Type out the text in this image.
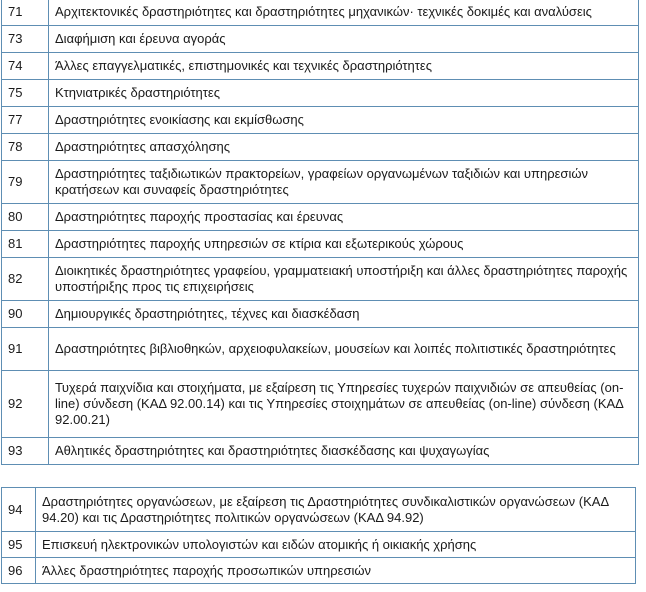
71	Αρχιτεκτονικές δραστηριότητες και δραστηριότητες μηχανικών· τεχνικές δοκιμές και αναλύσεις
73	Διαφήμιση και έρευνα αγοράς
74	Άλλες επαγγελματικές, επιστημονικές και τεχνικές δραστηριότητες
75	Κτηνιατρικές δραστηριότητες
77	Δραστηριότητες ενοικίασης και εκμίσθωσης
78	Δραστηριότητες απασχόλησης
79	Δραστηριότητες ταξιδιωτικών πρακτορείων, γραφείων οργανωμένων ταξιδιών και υπηρεσιών κρατήσεων και συναφείς δραστηριότητες
80	Δραστηριότητες παροχής προστασίας και έρευνας
81	Δραστηριότητες παροχής υπηρεσιών σε κτίρια και εξωτερικούς χώρους
82	Διοικητικές δραστηριότητες γραφείου, γραμματειακή υποστήριξη και άλλες δραστηριότητες παροχής υποστήριξης προς τις επιχειρήσεις
90	Δημιουργικές δραστηριότητες, τέχνες και διασκέδαση
91	Δραστηριότητες βιβλιοθηκών, αρχειοφυλακείων, μουσείων και λοιπές πολιτιστικές δραστηριότητες
92	Τυχερά παιχνίδια και στοιχήματα, με εξαίρεση τις Υπηρεσίες τυχερών παιχνιδιών σε απευθείας (on- line) σύνδεση (ΚΑΔ 92.00.14) και τις Υπηρεσίες στοιχημάτων σε απευθείας (on-line) σύνδεση (ΚΑΔ 92.00.21)
93	Αθλητικές δραστηριότητες και δραστηριότητες διασκέδασης και ψυχαγωγίας
94	Δραστηριότητες οργανώσεων, με εξαίρεση τις Δραστηριότητες συνδικαλιστικών οργανώσεων (ΚΑΔ 94.20) και τις Δραστηριότητες πολιτικών οργανώσεων (ΚΑΔ 94.92)
95	Επισκευή ηλεκτρονικών υπολογιστών και ειδών ατομικής ή οικιακής χρήσης
96	Άλλες δραστηριότητες παροχής προσωπικών υπηρεσιών
